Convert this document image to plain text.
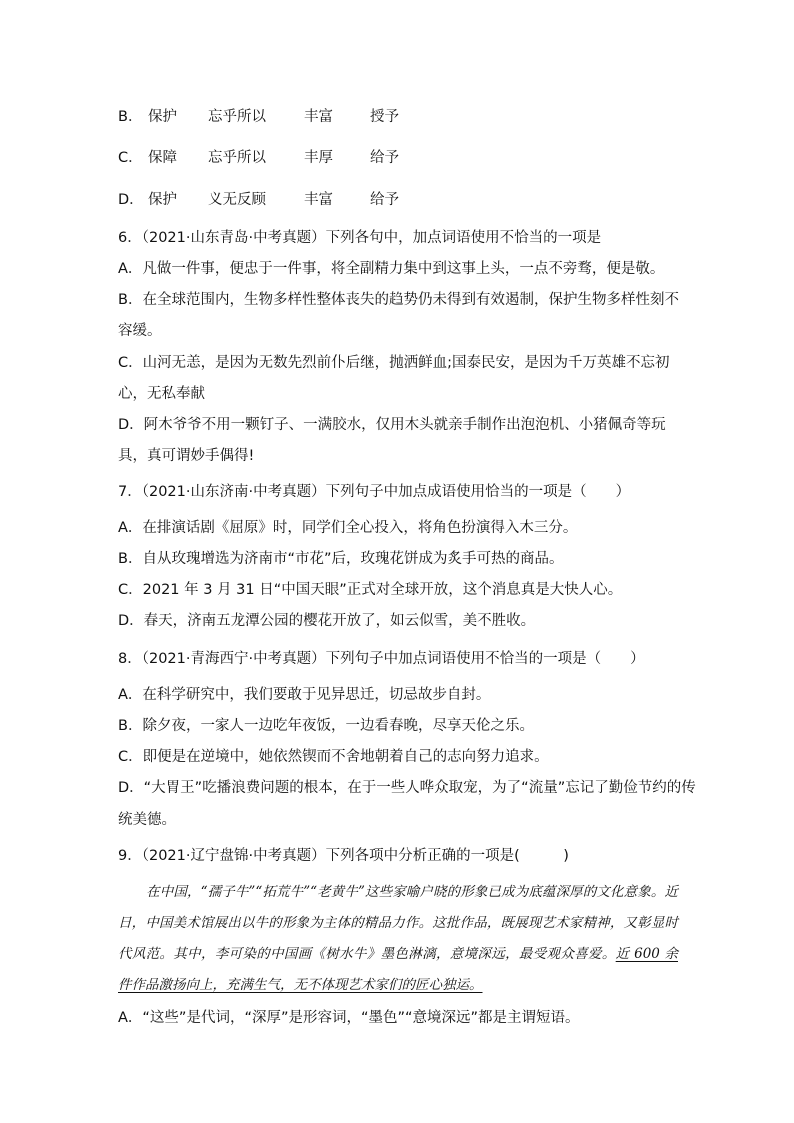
B． 保护 忘乎所以	丰富	授予
C． 保障 忘乎所以	丰厚	给予
D． 保护 义无反顾	丰富	给予
6．（2021·山东青岛·中考真题）下列各句中，加点词语使用不恰当的一项是
A．凡做一件事，便忠于一件事，将全副精力集中到这事上头，一点不旁骛，便是敬。
B．在全球范围内，生物多样性整体丧失的趋势仍未得到有效遏制，保护生物多样性刻不
容缓。
C．山河无恙，是因为无数先烈前仆后继，抛洒鲜血;国泰民安，是因为千万英雄不忘初
心，无私奉献
D．阿木爷爷不用一颗钉子、一满胶水，仅用木头就亲手制作出泡泡机、小猪佩奇等玩
具，真可谓妙手偶得!
7．（2021·山东济南·中考真题）下列句子中加点成语使用恰当的一项是（　　）
A．在排演话剧《屈原》时，同学们全心投入，将角色扮演得入木三分。
B．自从玫瑰增选为济南市“市花”后，玫瑰花饼成为炙手可热的商品。
C．2021 年 3 月 31 日“中国天眼”正式对全球开放，这个消息真是大快人心。
D．春天，济南五龙潭公园的樱花开放了，如云似雪，美不胜收。
8．（2021·青海西宁·中考真题）下列句子中加点词语使用不恰当的一项是（　　）
A．在科学研究中，我们要敢于见异思迁，切忌故步自封。
B．除夕夜，一家人一边吃年夜饭，一边看春晚，尽享天伦之乐。
C．即便是在逆境中，她依然锲而不舍地朝着自己的志向努力追求。
D．“大胃王”吃播浪费问题的根本，在于一些人哗众取宠，为了“流量”忘记了勤俭节约的传
统美德。
9．（2021·辽宁盘锦·中考真题）下列各项中分析正确的一项是(　　　)
在中国，“孺子牛”“拓荒牛”“老黄牛”这些家喻户晓的形象已成为底蕴深厚的文化意象。近日，中国美术馆展出以牛的形象为主体的精品力作。这批作品，既展现艺术家精神，又彰显时代风范。其中，李可染的中国画《树水牛》墨色淋漓，意境深远，最受观众喜爱。近 600 余件作品激扬向上，充满生气，无不体现艺术家们的匠心独运。
A．“这些”是代词，“深厚”是形容词，“墨色”“意境深远”都是主谓短语。
